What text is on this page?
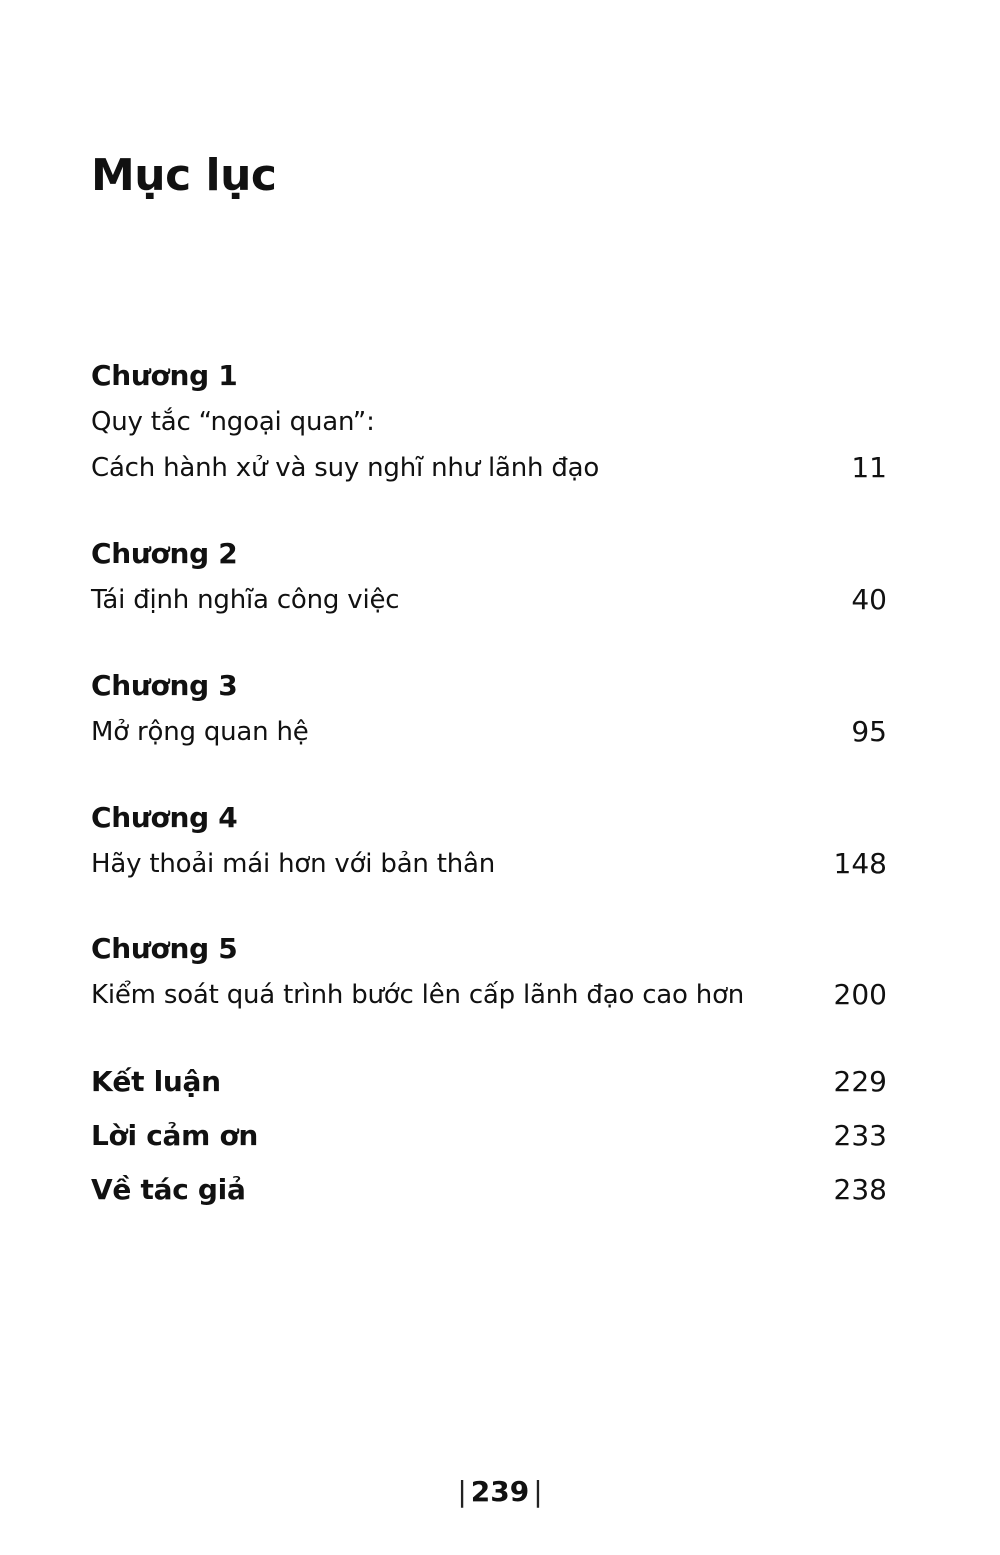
Mục lục
Chương 1
Quy tắc “ngoại quan”:
Cách hành xử và suy nghĩ như lãnh đạo	11
Chương 2
Tái định nghĩa công việc	40
Chương 3
Mở rộng quan hệ	95
Chương 4
Hãy thoải mái hơn với bản thân	148
Chương 5
Kiểm soát quá trình bước lên cấp lãnh đạo cao hơn	200
Kết luận	229
Lời cảm ơn	233
Về tác giả	238
| 239 |
